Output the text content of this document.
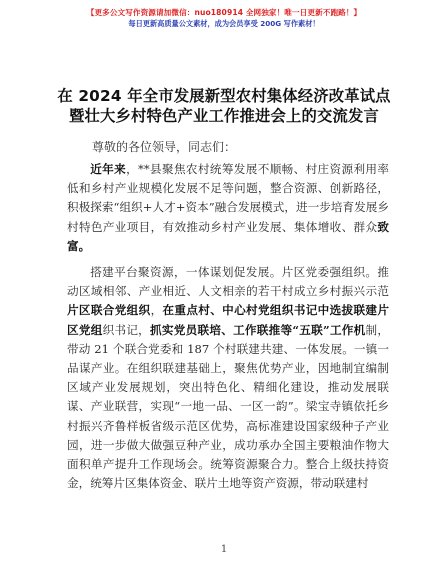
【更多公文写作资源请加微信：nuo180914 全网独家！唯一日更新不跑路！】
每日更新高质量公文素材，成为会员享受 200G 写作素材！
在 2024 年全市发展新型农村集体经济改革试点
暨壮大乡村特色产业工作推进会上的交流发言
尊敬的各位领导，同志们：

近年来，**县聚焦农村统筹发展不顺畅、村庄资源利用率低和乡村产业规模化发展不足等问题，整合资源、创新路径，积极探索“组织+人才+资本”融合发展模式，进一步培育发展乡村特色产业项目，有效推动乡村产业发展、集体增收、群众致富。

搭建平台聚资源，一体谋划促发展。片区党委强组织。推动区域相邻、产业相近、人文相亲的若干村成立乡村振兴示范片区联合党组织，在重点村、中心村党组织书记中选拔联建片区党组织书记，抓实党员联培、工作联推等“五联”工作机制，带动 21 个联合党委和 187 个村联建共建、一体发展。一镇一品谋产业。在组织联建基础上，聚焦优势产业，因地制宜编制区域产业发展规划，突出特色化、精细化建设，推动发展联谋、产业联营，实现“一地一品、一区一韵”。梁宝寺镇依托乡村振兴齐鲁样板省级示范区优势，高标准建设国家级种子产业园，进一步做大做强豆种产业，成功承办全国主要粮油作物大面积单产提升工作现场会。统筹资源聚合力。整合上级扶持资金，统筹片区集体资金、联片土地等资产资源，带动联建村

1
